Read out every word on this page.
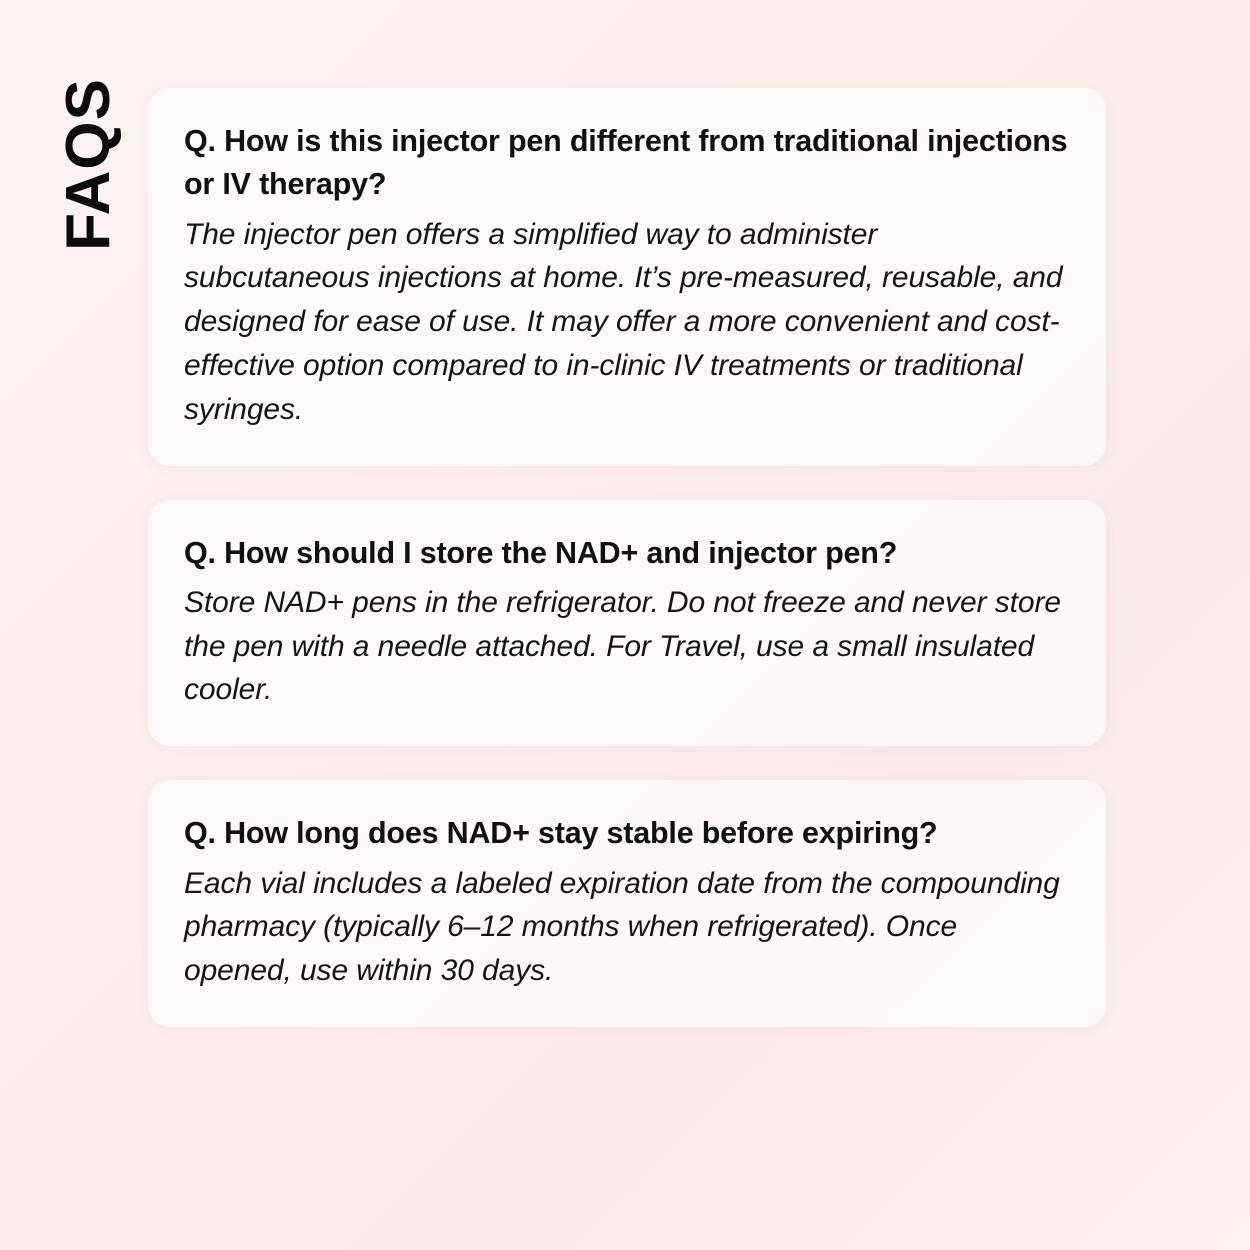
FAQS Q. How is this injector pen different from traditional injections or IV therapy?

The injector pen offers a simplified way to administer subcutaneous injections at home. It’s pre-measured, reusable, and designed for ease of use. It may offer a more convenient and cost-effective option compared to in-clinic IV treatments or traditional syringes.

Q. How should I store the NAD+ and injector pen?

Store NAD+ pens in the refrigerator. Do not freeze and never store the pen with a needle attached. For Travel, use a small insulated cooler.

Q. How long does NAD+ stay stable before expiring?

Each vial includes a labeled expiration date from the compounding pharmacy (typically 6–12 months when refrigerated). Once opened, use within 30 days.
